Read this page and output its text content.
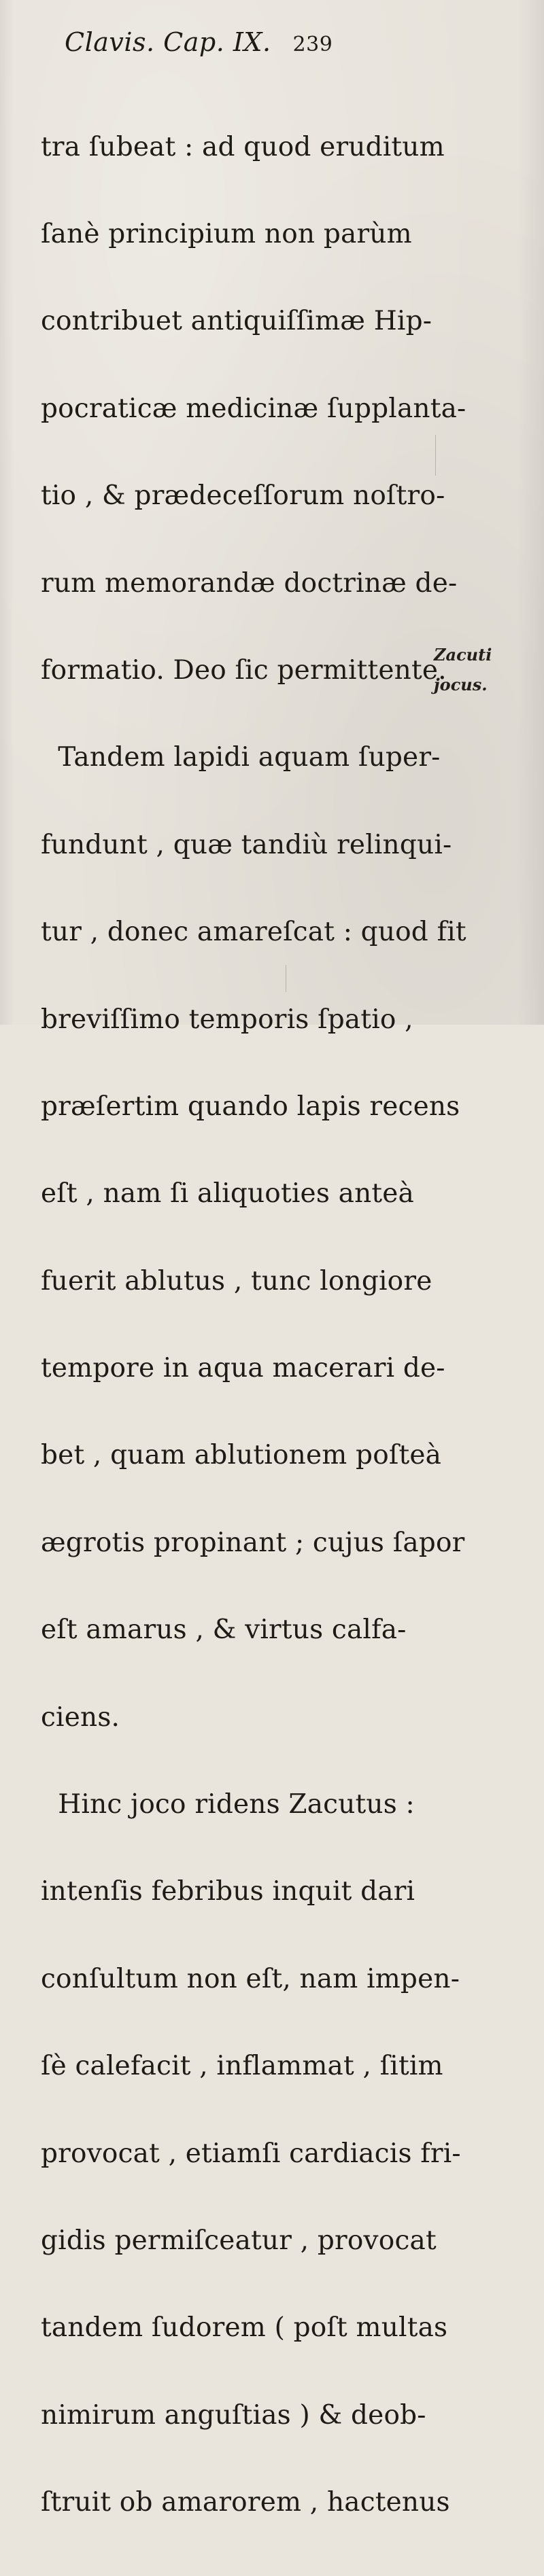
Clavis. Cap. IX. 239

tra ſubeat : ad quod eruditum

ſanè principium non parùm

contribuet antiquiſſimæ Hip-

pocraticæ medicinæ ſupplanta-

tio , & prædeceſſorum noſtro-

rum memorandæ doctrinæ de-

formatio. Deo ſic permittente.

Tandem lapidi aquam ſuper-

fundunt , quæ tandiù relinqui-

tur , donec amareſcat : quod fit

breviſſimo temporis ſpatio ,

præſertim quando lapis recens

eſt , nam ſi aliquoties anteà

fuerit ablutus , tunc longiore

tempore in aqua macerari de-

bet , quam ablutionem poſteà

ægrotis propinant ; cujus ſapor

eſt amarus , & virtus calfa-

ciens.

Hinc joco ridens Zacutus :

intenſis febribus inquit dari

conſultum non eſt, nam impen-

ſè calefacit , inflammat , ſitim

provocat , etiamſi cardiacis fri-

gidis permiſceatur , provocat

tandem ſudorem ( poſt multas

nimirum anguſtias ) & deob-

ſtruit ob amarorem , hactenus

Zacuti
jocus.
